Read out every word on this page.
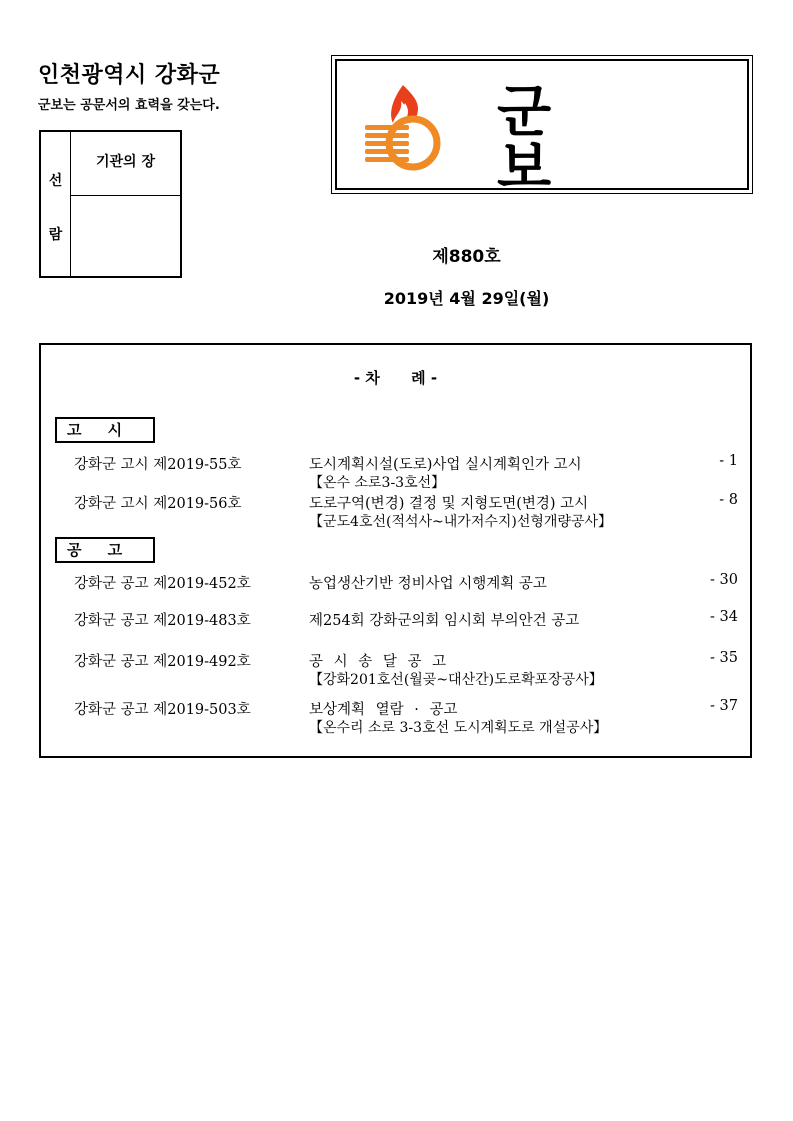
인천광역시 강화군
군보는 공문서의 효력을 갖는다.
선
람
기관의 장
군 보
제880호
2019년 4월 29일(월)
- 차      례 -
고     시
강화군 고시 제2019-55호	도시계획시설(도로)사업 실시계획인가 고시	- 1
【온수 소로3-3호선】
강화군 고시 제2019-56호	도로구역(변경) 결정 및 지형도면(변경) 고시	- 8
【군도4호선(적석사~내가저수지)선형개량공사】
공     고
강화군 공고 제2019-452호	농업생산기반 정비사업 시행계획 공고	- 30
강화군 공고 제2019-483호	제254회 강화군의회 임시회 부의안건 공고	- 34
강화군 공고 제2019-492호	공 시 송 달 공 고	- 35
【강화201호선(월곶~대산간)도로확포장공사】
강화군 공고 제2019-503호	보상계획 열람 · 공고	- 37
【온수리 소로 3-3호선 도시계획도로 개설공사】
